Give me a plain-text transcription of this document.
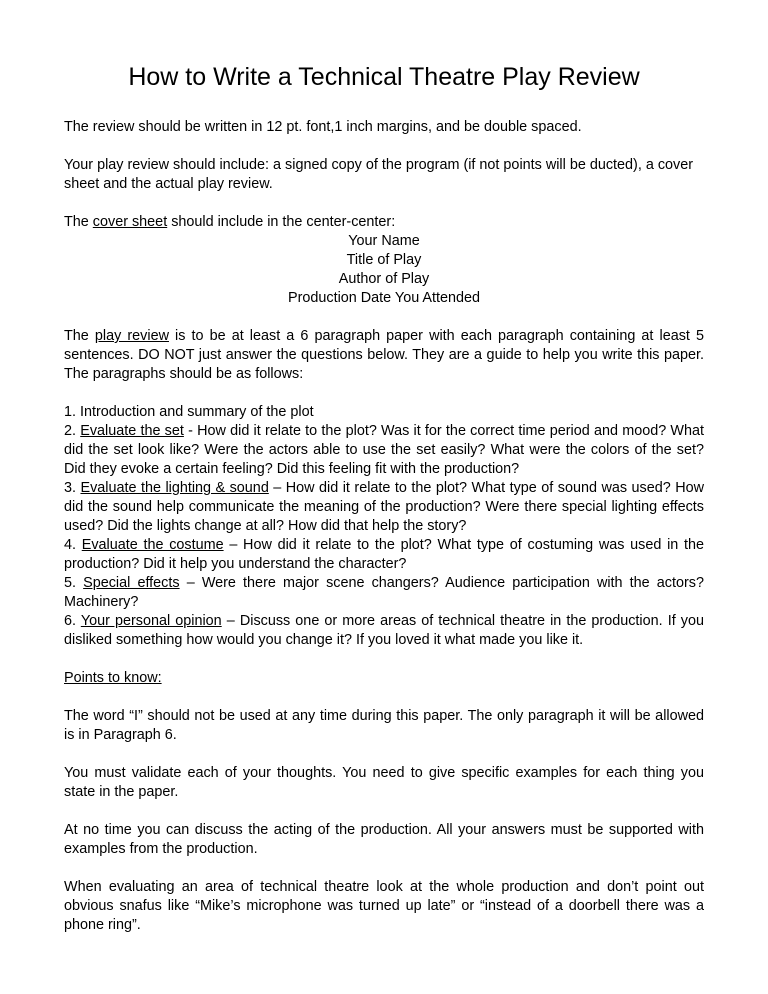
How to Write a Technical Theatre Play Review

The review should be written in 12 pt. font,1 inch margins, and be double spaced.

Your play review should include: a signed copy of the program (if not points will be ducted), a cover sheet and the actual play review.

The cover sheet should include in the center-center:

Your Name
Title of Play
Author of Play
Production Date You Attended

The play review is to be at least a 6 paragraph paper with each paragraph containing at least 5 sentences. DO NOT just answer the questions below. They are a guide to help you write this paper. The paragraphs should be as follows:

1. Introduction and summary of the plot

2. Evaluate the set - How did it relate to the plot? Was it for the correct time period and mood? What did the set look like? Were the actors able to use the set easily? What were the colors of the set? Did they evoke a certain feeling? Did this feeling fit with the production?

3. Evaluate the lighting & sound – How did it relate to the plot? What type of sound was used? How did the sound help communicate the meaning of the production? Were there special lighting effects used? Did the lights change at all? How did that help the story?

4. Evaluate the costume – How did it relate to the plot? What type of costuming was used in the production? Did it help you understand the character?

5. Special effects – Were there major scene changers? Audience participation with the actors? Machinery?

6. Your personal opinion – Discuss one or more areas of technical theatre in the production. If you disliked something how would you change it? If you loved it what made you like it.

Points to know:

The word “I” should not be used at any time during this paper. The only paragraph it will be allowed is in Paragraph 6.

You must validate each of your thoughts. You need to give specific examples for each thing you state in the paper.

At no time you can discuss the acting of the production. All your answers must be supported with examples from the production.

When evaluating an area of technical theatre look at the whole production and don’t point out obvious snafus like “Mike’s microphone was turned up late” or “instead of a doorbell there was a phone ring”.
